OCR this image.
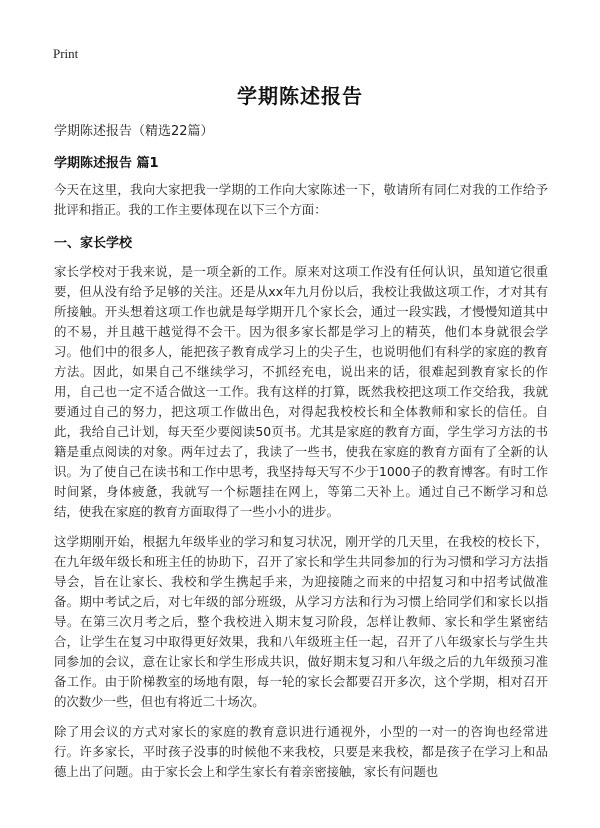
Print
学期陈述报告
学期陈述报告（精选22篇）
学期陈述报告 篇1

今天在这里，我向大家把我一学期的工作向大家陈述一下，敬请所有同仁对我的工作给予批评和指正。我的工作主要体现在以下三个方面：

一、家长学校

家长学校对于我来说，是一项全新的工作。原来对这项工作没有任何认识，虽知道它很重要，但从没有给予足够的关注。还是从xx年九月份以后，我校让我做这项工作，才对其有所接触。开头想着这项工作也就是每学期开几个家长会，通过一段实践，才慢慢知道其中的不易，并且越干越觉得不会干。因为很多家长都是学习上的精英，他们本身就很会学习。他们中的很多人，能把孩子教育成学习上的尖子生，也说明他们有科学的家庭的教育方法。因此，如果自己不继续学习，不抓经充电，说出来的话，很难起到教育家长的作用，自己也一定不适合做这一工作。我有这样的打算，既然我校把这项工作交给我，我就要通过自己的努力，把这项工作做出色，对得起我校校长和全体教师和家长的信任。自此，我给自己计划，每天至少要阅读50页书。尤其是家庭的教育方面，学生学习方法的书籍是重点阅读的对象。两年过去了，我读了一些书，使我在家庭的教育方面有了全新的认识。为了使自己在读书和工作中思考，我坚持每天写不少于1000子的教育博客。有时工作时间紧，身体疲惫，我就写一个标题挂在网上，等第二天补上。通过自己不断学习和总结，使我在家庭的教育方面取得了一些小小的进步。

这学期刚开始，根据九年级毕业的学习和复习状况，刚开学的几天里，在我校的校长下，在九年级年级长和班主任的协助下，召开了家长和学生共同参加的行为习惯和学习方法指导会，旨在让家长、我校和学生携起手来，为迎接随之而来的中招复习和中招考试做准备。期中考试之后，对七年级的部分班级，从学习方法和行为习惯上给同学们和家长以指导。在第三次月考之后，整个我校进入期末复习阶段，怎样让教师、家长和学生紧密结合，让学生在复习中取得更好效果，我和八年级班主任一起，召开了八年级家长与学生共同参加的会议，意在让家长和学生形成共识，做好期末复习和八年级之后的九年级预习准备工作。由于阶梯教室的场地有限，每一轮的家长会都要召开多次，这个学期，相对召开的次数少一些，但也有将近二十场次。

除了用会议的方式对家长的家庭的教育意识进行通视外，小型的一对一的咨询也经常进行。许多家长，平时孩子没事的时候他不来我校，只要是来我校，都是孩子在学习上和品德上出了问题。由于家长会上和学生家长有着亲密接触，家长有问题也
